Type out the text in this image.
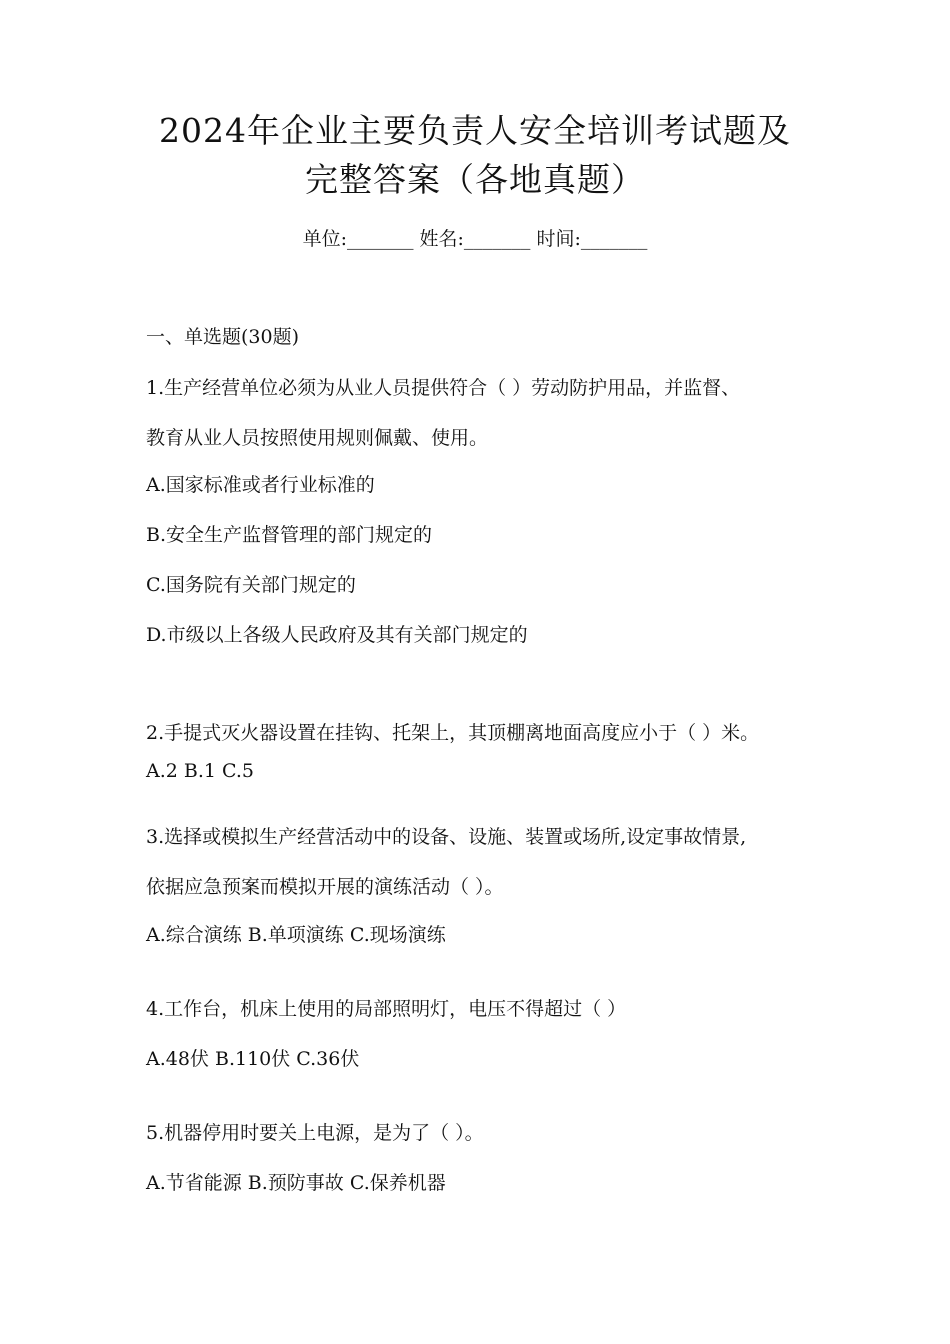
2024年企业主要负责人安全培训考试题及
完整答案（各地真题）
单位:_______ 姓名:_______ 时间:_______
一、单选题(30题)
1.生产经营单位必须为从业人员提供符合（ ）劳动防护用品，并监督、
教育从业人员按照使用规则佩戴、使用。
A.国家标准或者行业标准的
B.安全生产监督管理的部门规定的
C.国务院有关部门规定的
D.市级以上各级人民政府及其有关部门规定的
2.手提式灭火器设置在挂钩、托架上，其顶棚离地面高度应小于（ ）米。
A.2 B.1 C.5
3.选择或模拟生产经营活动中的设备、设施、装置或场所,设定事故情景,
依据应急预案而模拟开展的演练活动（ ）。
A.综合演练 B.单项演练 C.现场演练
4.工作台，机床上使用的局部照明灯，电压不得超过（ ）
A.48伏 B.110伏 C.36伏
5.机器停用时要关上电源，是为了（ ）。
A.节省能源 B.预防事故 C.保养机器
